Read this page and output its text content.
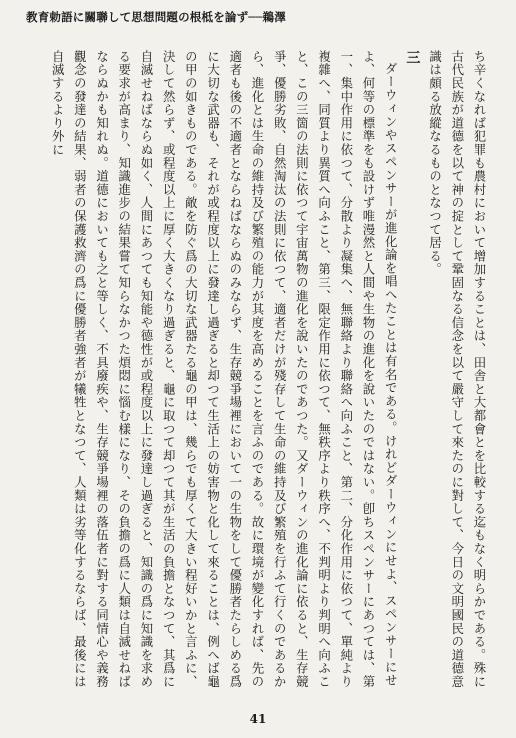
教育勅語に關聯して思想問題の根柢を論ず──鵜澤

ち辛くなれば犯罪も農村において增加することは、田舎と大都會とを比較する迄もなく明らかである。殊に古代民族が道德を以て神の掟として鞏固なる信念を以て嚴守して來たのに對して、今日の文明國民の道德意識は頗る放縱なるものとなつて居る。

三

ダーウィンやスペンサーが進化論を唱へたことは有名である。けれどダーウィンにせよ、スペンサーにせよ、何等の標準をも設けず唯漫然と人間や生物の進化を說いたのではない。卽ちスペンサーにあつては、第一、集中作用に依つて、分散より凝集へ、無聯絡より聯絡へ向ふこと、第二、分化作用に依つて、單純より複雜へ、同質より異質へ向ふこと、第三、限定作用に依つて、無秩序より秩序へ、不判明より判明へ向ふこと、この三箇の法則に依つて宇宙萬物の進化を說いたのであつた。又ダーウィンの進化論に依ると、生存競爭、優勝劣敗、自然淘汰の法則に依つて、適者だけが殘存して生命の維持及び繁殖を行ふて行くのであるから、進化とは生命の維持及び繁殖の能力が其度を高めることを言ふのである。故に環境が變化すれば、先の適者も後の不適者とならねばならぬのみならず、生存競爭場裡において一の生物をして優勝者たらしめる爲に大切な武器も、それが或程度以上に發達し過ぎると却つて生活上の妨害物と化して來ることは、例へば龜の甲の如きものである。敵を防ぐ爲の大切な武器たる龜の甲は、幾らでも厚くて大きい程好いかと言ふに、決して然らず、或程度以上に厚く大きくなり過ぎると、龜に取つて却つて其が生活の負擔となつて、其爲に自滅せねばならぬ如く、人間にあつても知能や德性が或程度以上に發達し過ぎると、知識の爲に知識を求める要求が高まり、知識進步の結果嘗て知らなかつた煩悶に惱む樣になり、その負擔の爲に人類は自滅せねばならぬかも知れぬ。道德においても之と等しく、不具廢疾や、生存競爭場裡の落伍者に對する同情心や義務觀念の發達の結果、弱者の保護救濟の爲に優勝者強者が犧牲となつて、人類は劣等化するならば、最後には自滅するより外に

41
